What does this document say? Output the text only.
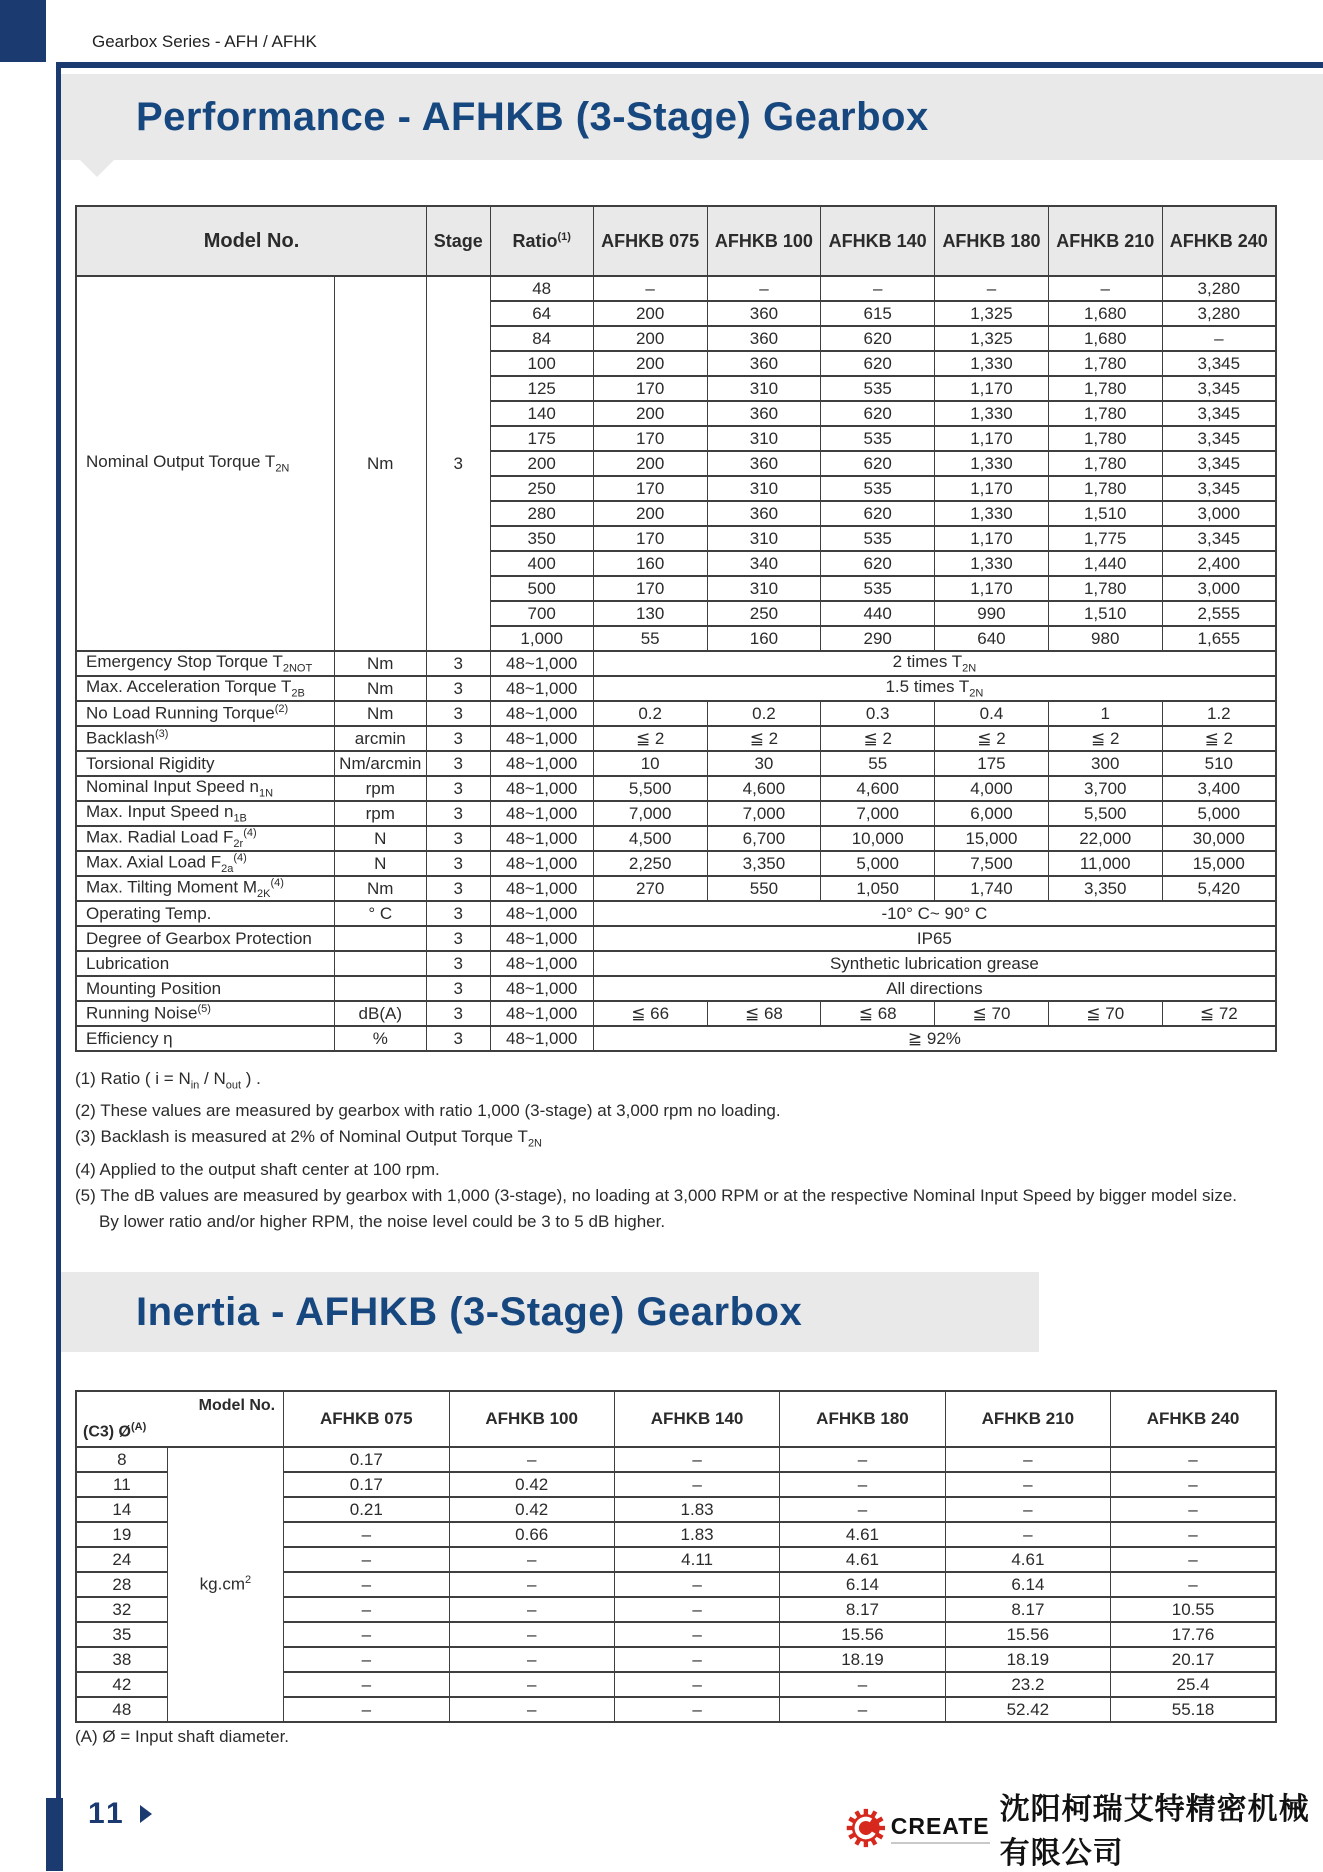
Gearbox Series - AFH / AFHK
Performance - AFHKB (3-Stage) Gearbox
Model No.		Stage	Ratio$^{(1)}$	AFHKB 075	AFHKB 100	AFHKB 140	AFHKB 180	AFHKB 210	AFHKB 240
Nominal Output Torque $T_{2N}$	Nm	3	48	–	–	–	–	–	3,280
			64	200	360	615	1,325	1,680	3,280
			84	200	360	620	1,325	1,680	–
			100	200	360	620	1,330	1,780	3,345
			125	170	310	535	1,170	1,780	3,345
			140	200	360	620	1,330	1,780	3,345
			175	170	310	535	1,170	1,780	3,345
			200	200	360	620	1,330	1,780	3,345
			250	170	310	535	1,170	1,780	3,345
			280	200	360	620	1,330	1,510	3,000
			350	170	310	535	1,170	1,775	3,345
			400	160	340	620	1,330	1,440	2,400
			500	170	310	535	1,170	1,780	3,000
			700	130	250	440	990	1,510	2,555
			1,000	55	160	290	640	980	1,655
Emergency Stop Torque $T_{2NOT}$	Nm	3	48~1,000	2 times $T_{2N}$
Max. Acceleration Torque $T_{2B}$	Nm	3	48~1,000	1.5 times $T_{2N}$
No Load Running Torque$^{(2)}$	Nm	3	48~1,000	0.2	0.2	0.3	0.4	1	1.2
Backlash$^{(3)}$	arcmin	3	48~1,000	≦ 2	≦ 2	≦ 2	≦ 2	≦ 2	≦ 2
Torsional Rigidity	Nm/arcmin	3	48~1,000	10	30	55	175	300	510
Nominal Input Speed $n_{1N}$	rpm	3	48~1,000	5,500	4,600	4,600	4,000	3,700	3,400
Max. Input Speed $n_{1B}$	rpm	3	48~1,000	7,000	7,000	7,000	6,000	5,500	5,000
Max. Radial Load $F_{2r}^{(4)}$	N	3	48~1,000	4,500	6,700	10,000	15,000	22,000	30,000
Max. Axial Load $F_{2a}^{(4)}$	N	3	48~1,000	2,250	3,350	5,000	7,500	11,000	15,000
Max. Tilting Moment $M_{2K}^{(4)}$	Nm	3	48~1,000	270	550	1,050	1,740	3,350	5,420
Operating Temp.	° C	3	48~1,000	-10° C~ 90° C					
Degree of Gearbox Protection		3	48~1,000	IP65					
Lubrication		3	48~1,000	Synthetic lubrication grease					
Mounting Position		3	48~1,000	All directions					
Running Noise$^{(5)}$	dB(A)	3	48~1,000	≦ 66	≦ 68	≦ 68	≦ 70	≦ 70	≦ 72
Efficiency η	%	3	48~1,000	≧ 92%					
(1) Ratio ( $i = N_{in} / N_{out}$ ) .
(2) These values are measured by gearbox with ratio 1,000 (3-stage) at 3,000 rpm no loading.
(3) Backlash is measured at 2% of Nominal Output Torque $T_{2N}$
(4) Applied to the output shaft center at 100 rpm.
(5) The dB values are measured by gearbox with 1,000 (3-stage), no loading at 3,000 RPM or at the respective Nominal Input Speed by bigger model size.
By lower ratio and/or higher RPM, the noise level could be 3 to 5 dB higher.
Inertia - AFHKB (3-Stage) Gearbox
Model No.
(C3) $Ø^{(A)}$		AFHKB 075	AFHKB 100	AFHKB 140	AFHKB 180	AFHKB 210	AFHKB 240
8	$kg.cm^2$	0.17	–	–	–	–	–
11		0.17	0.42	–	–	–	–
14		0.21	0.42	1.83	–	–	–
19		–	0.66	1.83	4.61	–	–
24		–	–	4.11	4.61	4.61	–
28		–	–	–	6.14	6.14	–
32		–	–	–	8.17	8.17	10.55
35		–	–	–	15.56	15.56	17.76
38		–	–	–	18.19	18.19	20.17
42		–	–	–	–	23.2	25.4
48		–	–	–	–	52.42	55.18
(A) Ø = Input shaft diameter.
11	CREATE 沈阳柯瑞艾特精密机械有限公司
